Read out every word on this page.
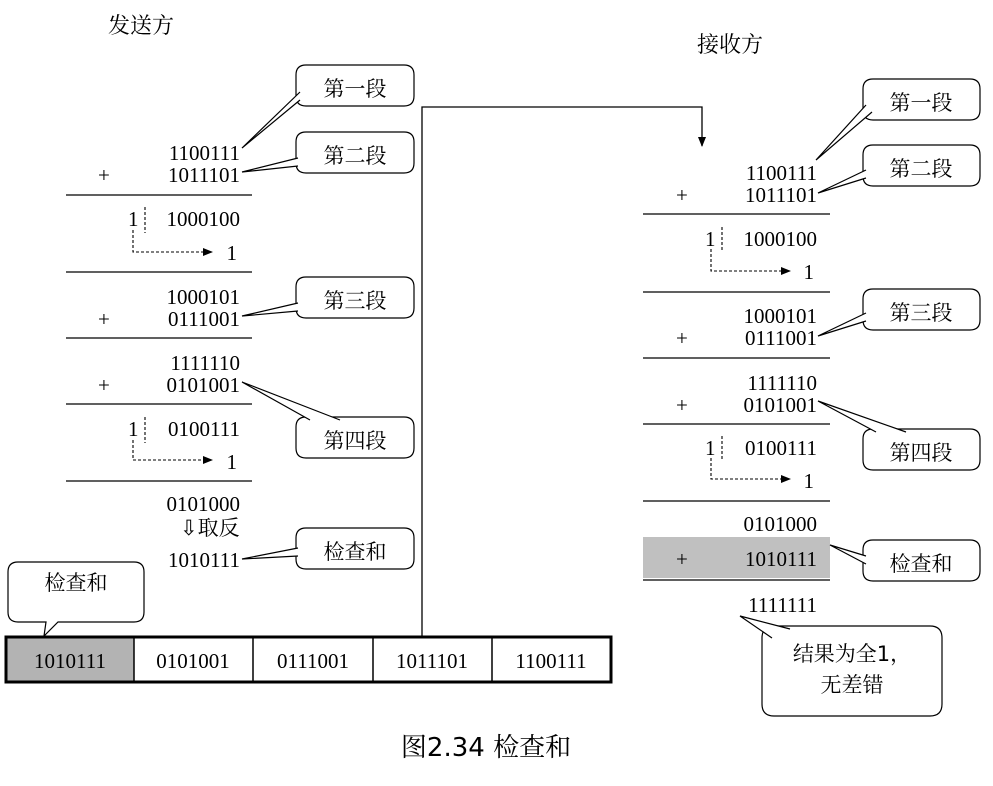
发送方
1100111
1011101
1000100
1
1000101
0111001
1111110
0101001
0100111
1
0101000
1010111
+
+
+
1
1
⇩取反
第一段
第二段
第三段
第四段
检查和
1010111 0101001 0111001 1011101 1100111
检查和
接收方
1100111
1011101
1000100
1
1000101
0111001
1111110
0101001
0100111
1
0101000
1010111
1111111
+
+
+
+
1
1
第一段
第二段
第三段
第四段
检查和
结果为全1，
无差错
图2.34 检查和
